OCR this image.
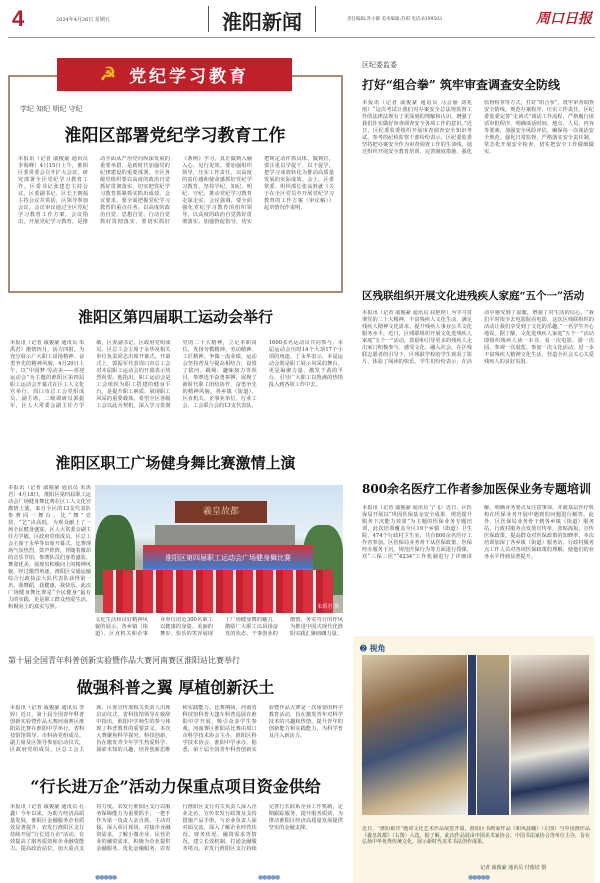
4	2024年4月26日 星期五	淮阳新闻	责任编辑:苏小静 美术编辑:苏祺 电话:6199503	周口日报
☭ 党纪学习教育
学纪 知纪 明纪 守纪
淮阳区部署党纪学习教育工作
本报讯（记者 戚俊豪 通讯员 李海峰）4月15日上午，淮阳区委常委会召开扩大会议，研究部署全区党纪学习教育工作。区委书记张建忠主持会议，区委副书记、区长王朝福主持会议并讲话，区领导参加会议。会议审议通过全区党纪学习教育工作方案。会议指出，开展党纪学习教育，是推动全面从严治党向纵深发展的重要举措，是新时代加强党的纪律建设的重要部署。全区各级党组织要以高度的政治自觉抓好贯彻落实，切实把党纪学习教育抓紧抓实抓出成效。会议要求，要全面把握党纪学习教育的重点任务，以高度的政治自觉、思想自觉、行动自觉抓好贯彻落实，要切实抓好《条例》学习，真正做到入脑入心、见行见效。要加强组织领导，压实工作责任，以高度的责任感和使命感抓好党纪学习教育，坚持学纪、知纪、明纪、守纪，推动党纪学习教育走深走实。会议强调，要全面强化党纪学习教育的组织领导，以高度的政治自觉抓好贯彻落实，加强督促指导，切实把规定动作抓具体、做到位，要注重以学促干、以干促学，把学习成效转化为推动高质量发展的实际成效。会上，区委常委、组织部长张高胜就《关于在全区党员中开展党纪学习教育的工作方案（审议稿）》起草情况作说明。
淮阳区第四届职工运动会举行
本报讯（记者 戚俊豪 通讯员 朱禹君）激情四月，活力四射。为充分展示广大职工昂扬精神、奋勇争先的精神风貌，4月20日上午，以“中国梦·劳动美——喜迎运动会”为主题的淮阳区第四届职工运动会开幕式在区工人文化宫举行。周口市总工会党组成员、副主席，二级调研员郭振军，区人大常委会副主任方学敏，区委副书记、区政府党组成员、区总工会主席于永华及相关单位负责同志出席开幕式。开幕式上，郭振军代表周口市总工会对本届职工运动会的开幕表示热烈祝贺。他指出，职工运动会是工会组织为职工搭建的健身平台，是提升职工素质、展现职工风采的重要载体。希望全区各级工会以此为契机，深入学习贯彻党的二十大精神，立足本职岗位，发扬劳模精神、劳动精神、工匠精神，争做一流业绩。运动会坚持普及与提高相结合，设置了拔河、跳绳、趣味接力等项目，参赛选手奋勇拼搏，展现了新时代职工团结协作、奋勇争先的精神风貌。各乡镇（街道）、区直机关、企事业单位、行业工会、工会联合会的13支代表队、1600多名运动员共同参与。本届运动会历时14个大项17个小项的角逐。丁永华表示，本届运动会既是职工展示风采的舞台，更是凝聚力量、激发干劲的平台，引导广大职工以饱满的热情投入到各项工作中去。
淮阳区职工广场健身舞比赛激情上演
本报讯（记者 戚俊豪 通讯员 朱禹君）4月18日，淮阳区第四届职工运动会广场健身舞比赛在区工人文化宫激情上演，来自全区的13支代表队参赛同一舞台，比“舞”竞技，“艺”决高低，为观众献上了一场全民健身盛宴。区人大常委会副主任方学敏，区政府党组成员、区总工会主席于永华等出席开幕式。比赛现场气氛热烈，鼓声阵阵，伴随着激昂的音乐节拍，参赛队员们身着盛装、舞姿优美，展现出积极向上的精神风貌。经过激烈角逐，淮阳区交通运输综合行政执法大队代表队获得第一名。我舞蹈，我健康，我快乐。此次广场健身舞比赛是“全民健身”最有力的实践，更是职工群众热爱生活、积极向上的真实写照。
羲皇故都
淮阳区第四届职工运动会广场健身舞比赛
朱禹君 摄
文化生活和良好精神风貌的展示。各乡镇（街道）、区直机关和企事业单位的近300名职工以健康的身姿、美丽的舞步、快乐的笑容展现了广场健身舞的魅力，激励广大职工以昂扬奋发的状态、干事创业的激情，务实笃行的作风为推进中国式现代化淮阳实践汇聚磅礴力量。
第十届全国青年科普创新实验暨作品大赛河南赛区淮阳站比赛举行
做强科普之翼 厚植创新沃土
本报讯（记者 戚俊豪 通讯员 李婷）近日，第十届全国青年科普创新实验暨作品大赛河南赛区淮阳站比赛在淮阳中学举行。省科技馆馆领导、市科协党组成员、副主席及区领导参加启动仪式，区政府党组成员、区总工会主席、区委宣传部相关负责人出席启动仪式。省科技馆领导在致辞中指出，淮阳中学师生的参与体现了科普教育的重要意义。本次大赛聚焦科学探究、科技创新，旨在激发青少年学生热爱科学、探索未知的兴趣，培养创新思维和实践能力。比赛期间，河南省科技馆科普大篷车科普巡展在淮阳中学开展，吸引众多学生参观。河南赛区淮阳站比赛由周口市科学技术协会主办，淮阳区科学技术协会、淮阳中学承办。据悉，第十届全国青年科普创新实验暨作品大赛是一次重要的科学教育活动，旨在激发青年对科学技术的兴趣和热情，提升青年的创新能力和实践能力，为科学普及注入新活力。
“行长进万企”活动力保重点项目资金供给
本报讯（记者 戚俊豪 通讯员 孔鑫）今年以来，为助力经济高质量发展，淮阳区金融服务企业质效显著提升，农发行淮阳区支行持续开展“行长进万企”活动，有效提高了服务质效和企业融资能力。提高政治站位，加大重点支持力度。农发行淮阳区支行以服务保障能力为重要抓手，一把手作为第一负责人亲自抓，主动对接，深入项目现场，对接企业融资需求，了解小微企业、民营企业的融资需求，积极为企业提供金融服务。优化金融服务，农发行淮阳区支行有关负责人深入企业走访，宣传农发行政策及支持措施产品手册，与企业负责人面对面交流，深入了解企业经营状况、财务状况、融资需求等情况。建立长效机制，打通金融服务堵点。农发行淮阳区支行持续完善行长联系企业工作机制，定期跟踪服务，提升服务质效，为推动淮阳区经济高质量发展提供坚实的金融支撑。
●●●●●	●●●●●
区纪委监委
打好“组合拳” 筑牢审查调查安全防线
本报讯（记者 戚俊豪 通讯员 马会丽 刘兆雨）“这次考试让我们对办案安全总法规监督工作的法律法规有了更深刻的理解和认识，增强了我们扑实做好审查调查安全各项工作的意识。”近日，区纪委监委组织开展审查调查安全知识考试，参考的纪检监察干部纷纷表示。区纪委监委坚持把办案安全作为审查调查工作的生命线，通过组织开展安全教育培训、完善制度措施、强化监督检查等方式，打好“组合拳”，筑牢审查调查安全防线。规范办案程序，压实工作责任。区纪委监委完善“走读式”谈话工作流程，严格履行谈话审批程序，明确谈话时间、地点、人员、内容等要素，加强安全风险评估，确保每一次谈话安全规范。强化日常监督，严格落实安全责任制，常态化开展安全检查，切实把安全工作做细做实。
区残联组织开展文化进残疾人家庭“五个一”活动
本报讯（记者 戚俊豪 通讯员 屈艳艳）为学习贯彻党的二十大精神，丰富残疾人文化生活，满足残疾人精神文化需求，提升残疾人事业公共文化服务水平，近日，区残联组织开展文化进残疾人家庭“五个一”活动，鼓励和引导更多的残疾人走出家门积极参与、感受文化、融入社会。在区残联志愿者的引导下，区残联学校的学生观看了影片，体验了阅读的快乐。学生们纷纷表示，在活动中感受到了温暖，增强了对生活的信心。“我们平时很少去电影院看电影，这次区残联组织的活动让我们享受到了文化的乐趣。”一名学生开心地说。据了解，文化进残疾人家庭“五个一”活动即组织残疾人读一本书、看一次电影、游一次园、参观一次展览、参加一次文化活动，进一步丰富残疾人精神文化生活，营造全社会关心关爱残疾人的良好氛围。
800余名医疗工作者参加医保业务专题培训
本报讯（记者 戚俊豪 通讯员 宁飞）近日，区医保局开展以“巩固医保基金安全成果、规范提升服务下沉能力效果”为主题的医保业务专题培训，此次培训覆盖全区19个乡镇（街道）卫生院、474个行政村卫生室，共有800余名医疗工作者参加。区医保局业务骨干从医保政策、医保经办服务下沉、规范医保行为等方面进行授课，对“三保三医”“4234”工作机制进行了详细讲解，明确业务要点及注意事项，并就基层医疗机构在医保业务开展中遇到的问题进行解答。此外，区医保局业务骨干到各乡镇（街道）服务站、行政村服务点发放宣传单，张贴海报，宣传医保政策，提高群众对医保政策的知晓率。本次培训加深了各乡镇（街道）服务站、行政村服务点工作人员对各项医保政策的理解，使他们的业务水平得到显著提升。
➋ 视角
近日，“淮阳翟庆”题词文化艺术作品展览开幕，淮阳区书画家作品《和风晨曦》（左图）与中国画作品《羲皇故都》（右图）入选。据了解，此次作品展由中国美术家协会、中国书法家协会等单位主办，旨在弘扬中华优秀传统文化，展示新时代美术书法创作成果。
记者 戚俊豪 通讯员 付俊培 摄
●●●●●
